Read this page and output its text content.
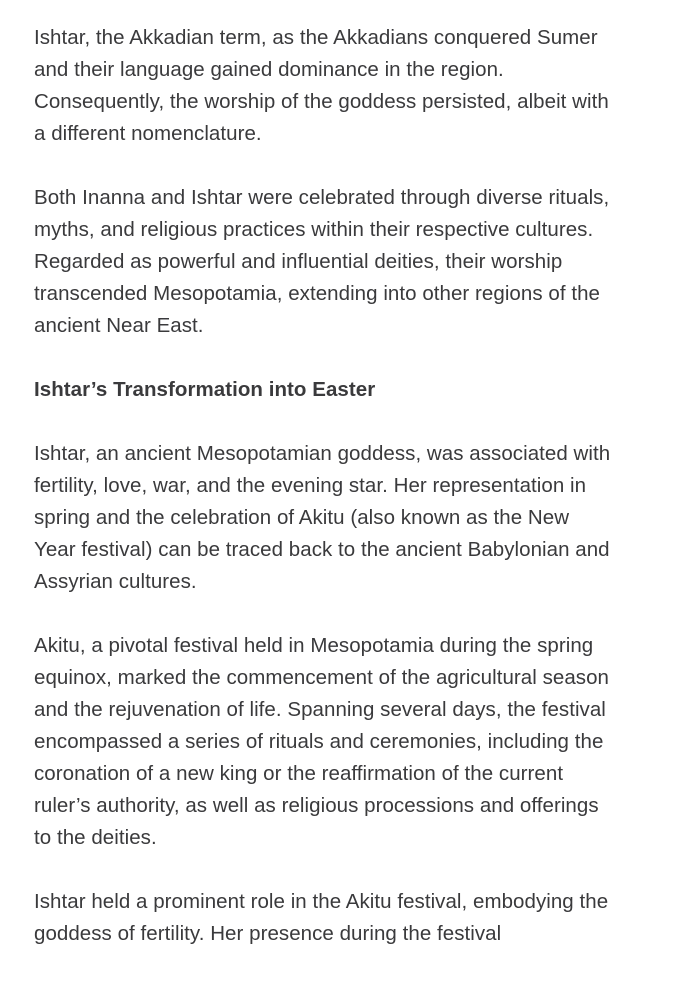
Ishtar, the Akkadian term, as the Akkadians conquered Sumer
and their language gained dominance in the region.
Consequently, the worship of the goddess persisted, albeit with
a different nomenclature.

Both Inanna and Ishtar were celebrated through diverse rituals,
myths, and religious practices within their respective cultures.
Regarded as powerful and influential deities, their worship
transcended Mesopotamia, extending into other regions of the
ancient Near East.

Ishtar’s Transformation into Easter

Ishtar, an ancient Mesopotamian goddess, was associated with
fertility, love, war, and the evening star. Her representation in
spring and the celebration of Akitu (also known as the New
Year festival) can be traced back to the ancient Babylonian and
Assyrian cultures.

Akitu, a pivotal festival held in Mesopotamia during the spring
equinox, marked the commencement of the agricultural season
and the rejuvenation of life. Spanning several days, the festival
encompassed a series of rituals and ceremonies, including the
coronation of a new king or the reaffirmation of the current
ruler’s authority, as well as religious processions and offerings
to the deities.

Ishtar held a prominent role in the Akitu festival, embodying the
goddess of fertility. Her presence during the festival
